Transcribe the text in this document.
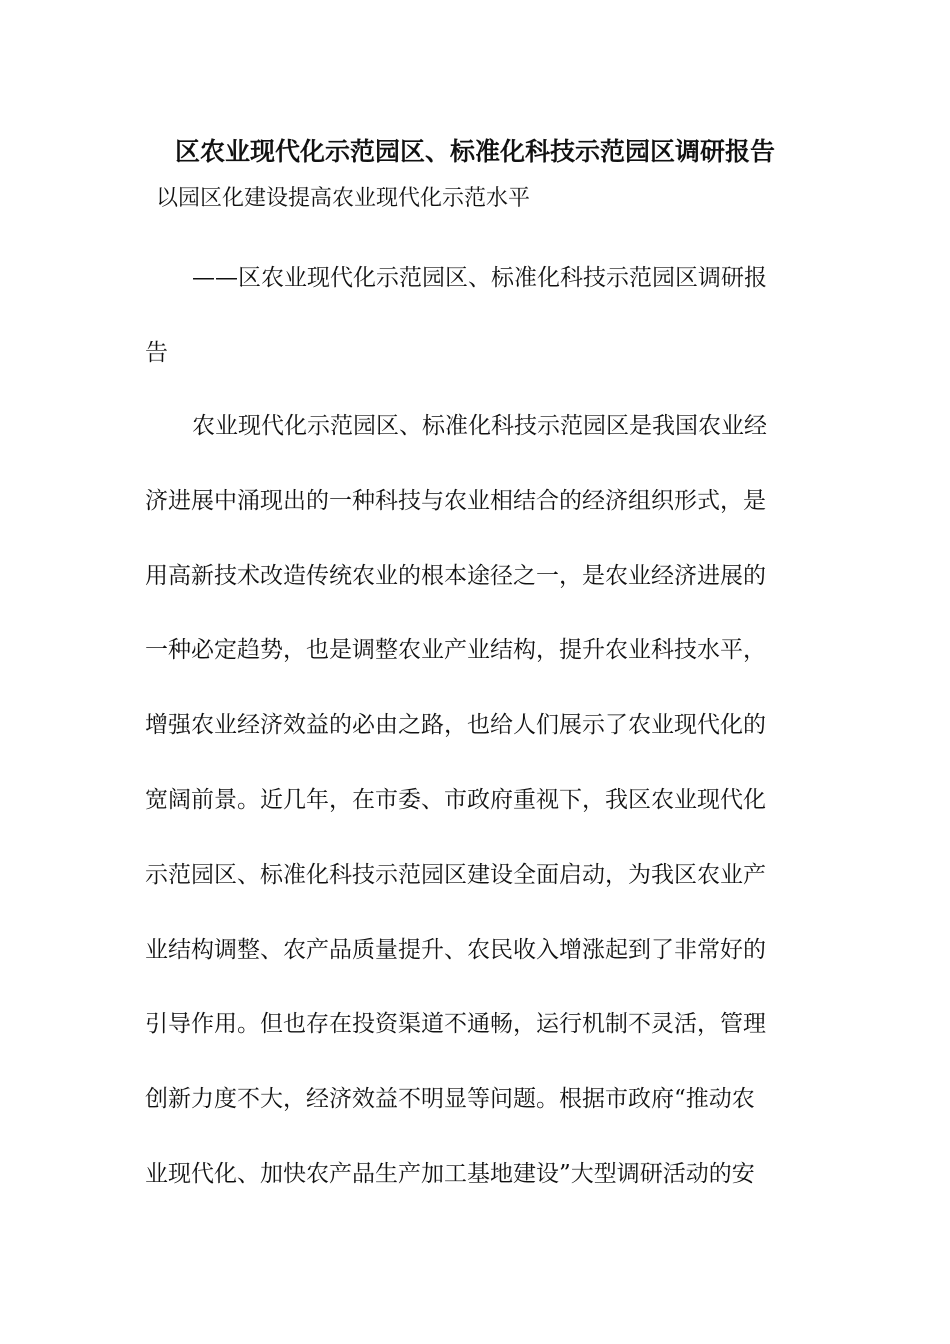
区农业现代化示范园区、标准化科技示范园区调研报告
以园区化建设提高农业现代化示范水平
——区农业现代化示范园区、标准化科技示范园区调研报
告
农业现代化示范园区、标准化科技示范园区是我国农业经
济进展中涌现出的一种科技与农业相结合的经济组织形式，是
用高新技术改造传统农业的根本途径之一，是农业经济进展的
一种必定趋势，也是调整农业产业结构，提升农业科技水平，
增强农业经济效益的必由之路，也给人们展示了农业现代化的
宽阔前景。近几年，在市委、市政府重视下，我区农业现代化
示范园区、标准化科技示范园区建设全面启动，为我区农业产
业结构调整、农产品质量提升、农民收入增涨起到了非常好的
引导作用。但也存在投资渠道不通畅，运行机制不灵活，管理
创新力度不大，经济效益不明显等问题。根据市政府“推动农
业现代化、加快农产品生产加工基地建设”大型调研活动的安
